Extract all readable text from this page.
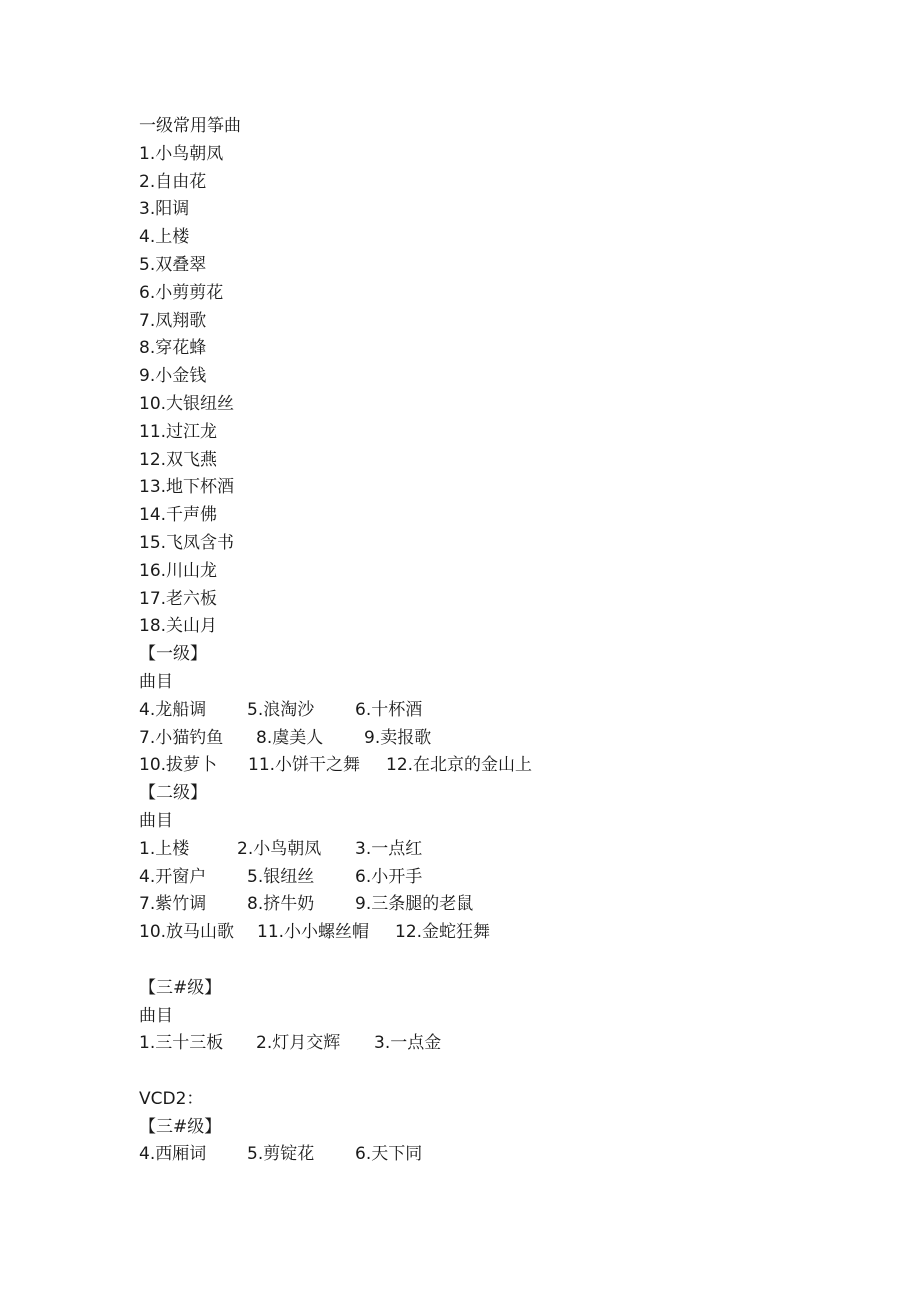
一级常用筝曲
1.小鸟朝凤
2.自由花
3.阳调
4.上楼
5.双叠翠
6.小剪剪花
7.凤翔歌
8.穿花蜂
9.小金钱
10.大银纽丝
11.过江龙
12.双飞燕
13.地下杯酒
14.千声佛
15.飞凤含书
16.川山龙
17.老六板
18.关山月
【一级】
曲目
4.龙船调	5.浪淘沙	6.十杯酒
7.小猫钓鱼	8.虞美人	9.卖报歌
10.拔萝卜	11.小饼干之舞	12.在北京的金山上
【二级】
曲目
1.上楼	2.小鸟朝凤	3.一点红
4.开窗户	5.银纽丝	6.小开手
7.紫竹调	8.挤牛奶	9.三条腿的老鼠
10.放马山歌	11.小小螺丝帽	12.金蛇狂舞
【三#级】
曲目
1.三十三板	2.灯月交辉	3.一点金
VCD2：
【三#级】
4.西厢词	5.剪锭花	6.天下同
